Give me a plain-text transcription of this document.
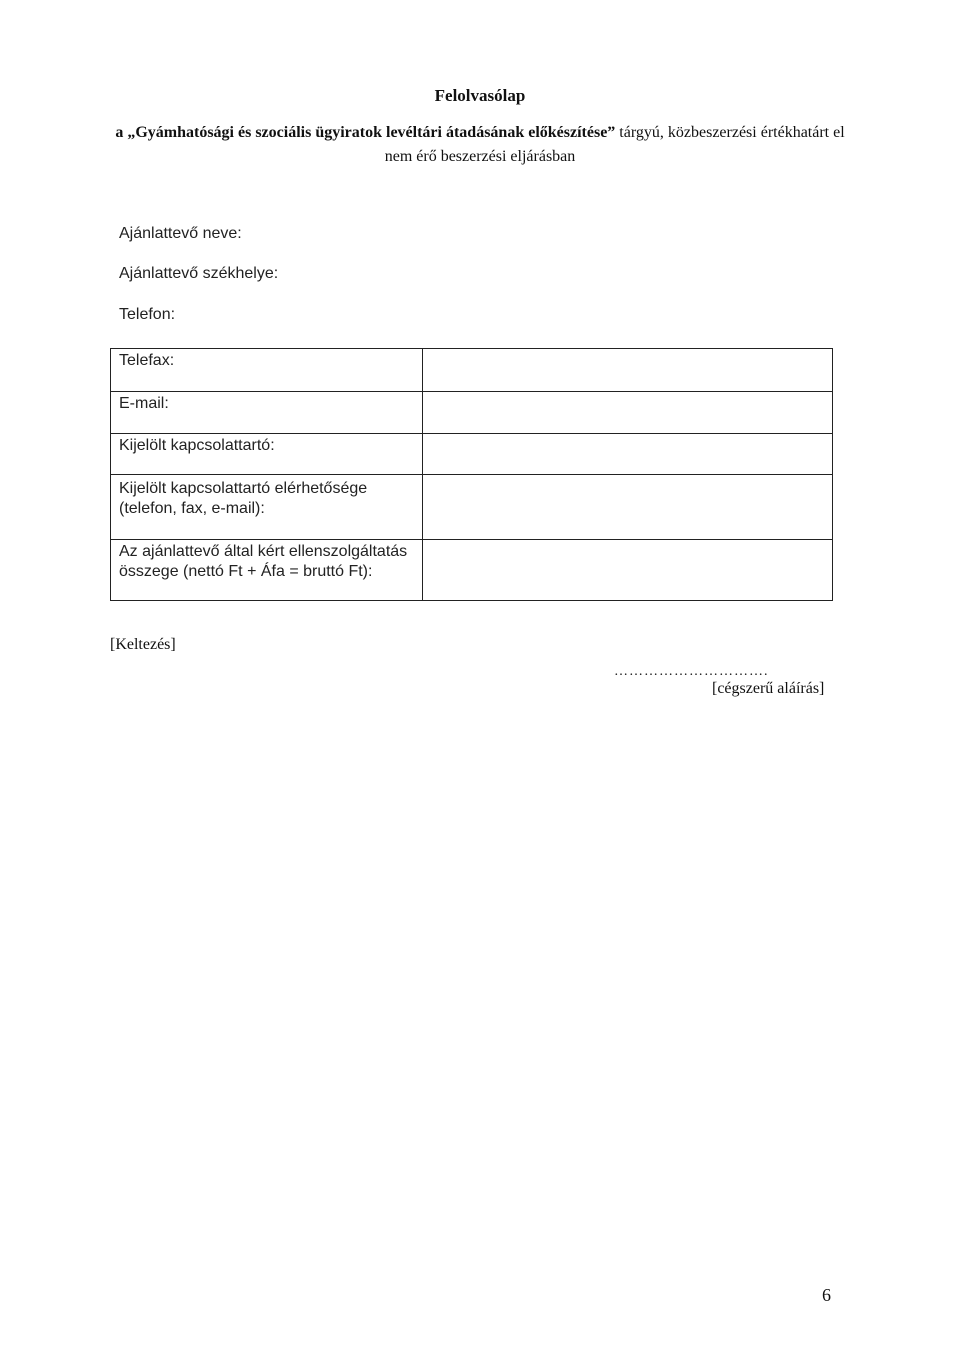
Felolvasólap
a „Gyámhatósági és szociális ügyiratok levéltári átadásának előkészítése” tárgyú, közbeszerzési értékhatárt el nem érő beszerzési eljárásban
Ajánlattevő neve:
Ajánlattevő székhelye:
Telefon:
Telefax:	
E-mail:	
Kijelölt kapcsolattartó:	

Kijelölt kapcsolattartó elérhetősége
(telefon, fax, e-mail):	

Az ajánlattevő által kért ellenszolgáltatás
összege (nettó Ft + Áfa = bruttó Ft):	

[Keltezés]
………………………….
[cégszerű aláírás]
6
